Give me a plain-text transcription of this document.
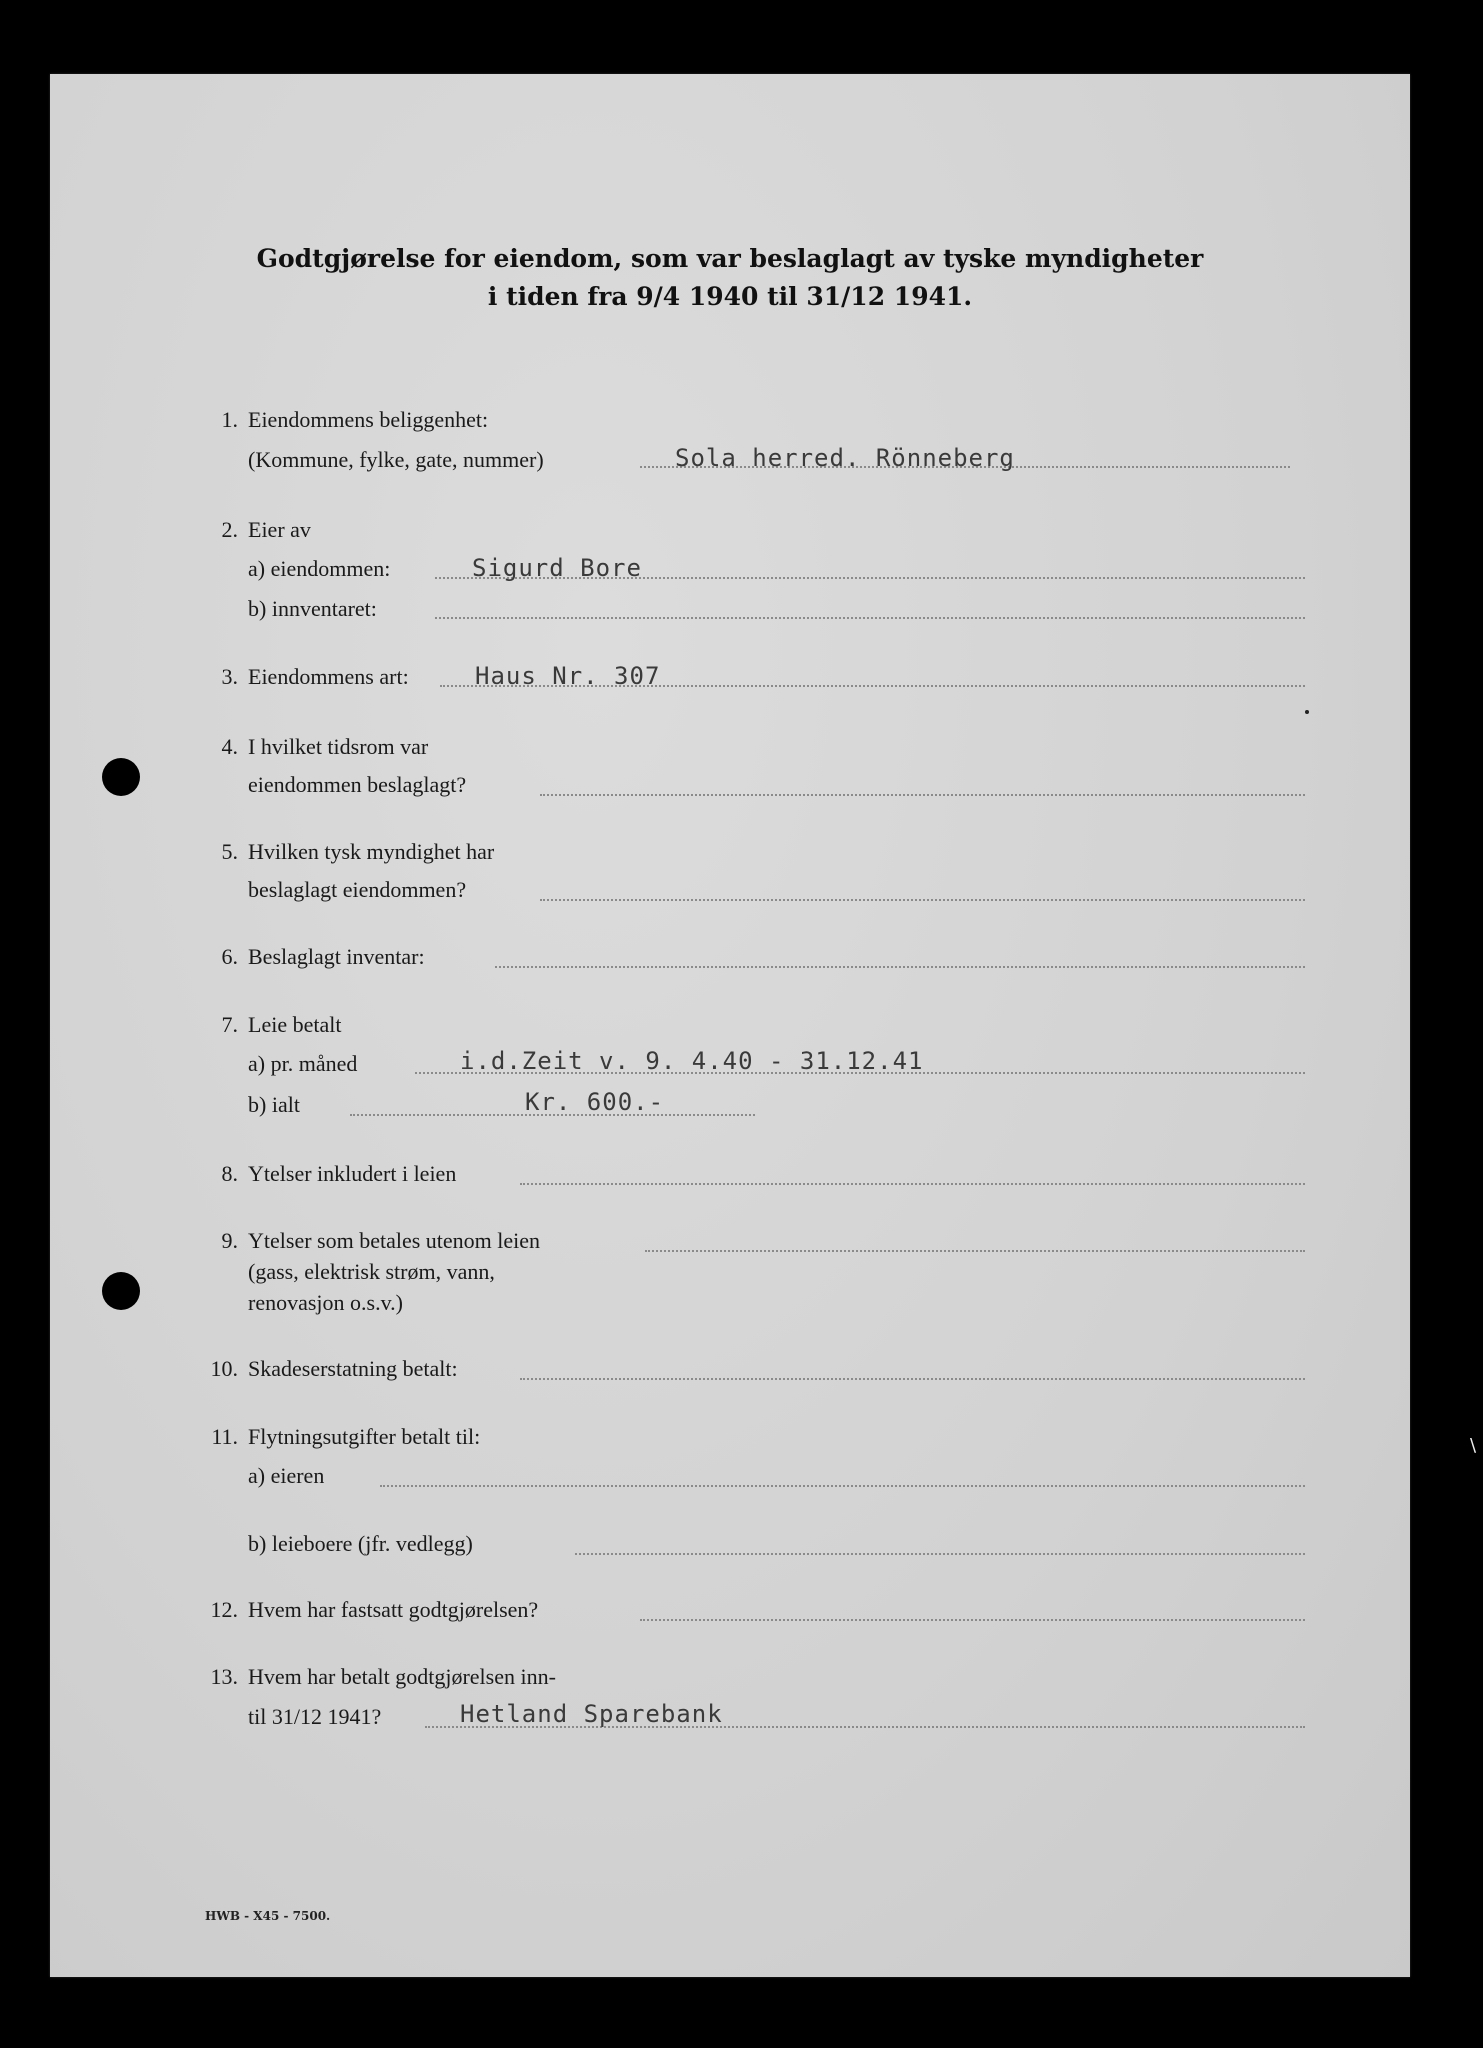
Godtgjørelse for eiendom, som var beslaglagt av tyske myndigheter
i tiden fra 9/4 1940 til 31/12 1941.
1. Eiendommens beliggenhet:
(Kommune, fylke, gate, nummer)	Sola herred. Rönneberg
2. Eier av
a) eiendommen:	Sigurd Bore
b) innventaret:
3. Eiendommens art:	Haus Nr. 307
4. I hvilket tidsrom var
eiendommen beslaglagt?
5. Hvilken tysk myndighet har
beslaglagt eiendommen?
6. Beslaglagt inventar:
7. Leie betalt
a) pr. måned	i.d.Zeit v. 9. 4.40 - 31.12.41
b) ialt	Kr. 600.-
8. Ytelser inkludert i leien
9. Ytelser som betales utenom leien
(gass, elektrisk strøm, vann,
renovasjon o.s.v.)
10. Skadeserstatning betalt:
11. Flytningsutgifter betalt til:
a) eieren
b) leieboere (jfr. vedlegg)
12. Hvem har fastsatt godtgjørelsen?
13. Hvem har betalt godtgjørelsen inn-
til 31/12 1941?	Hetland Sparebank
HWB - X45 - 7500.
\
